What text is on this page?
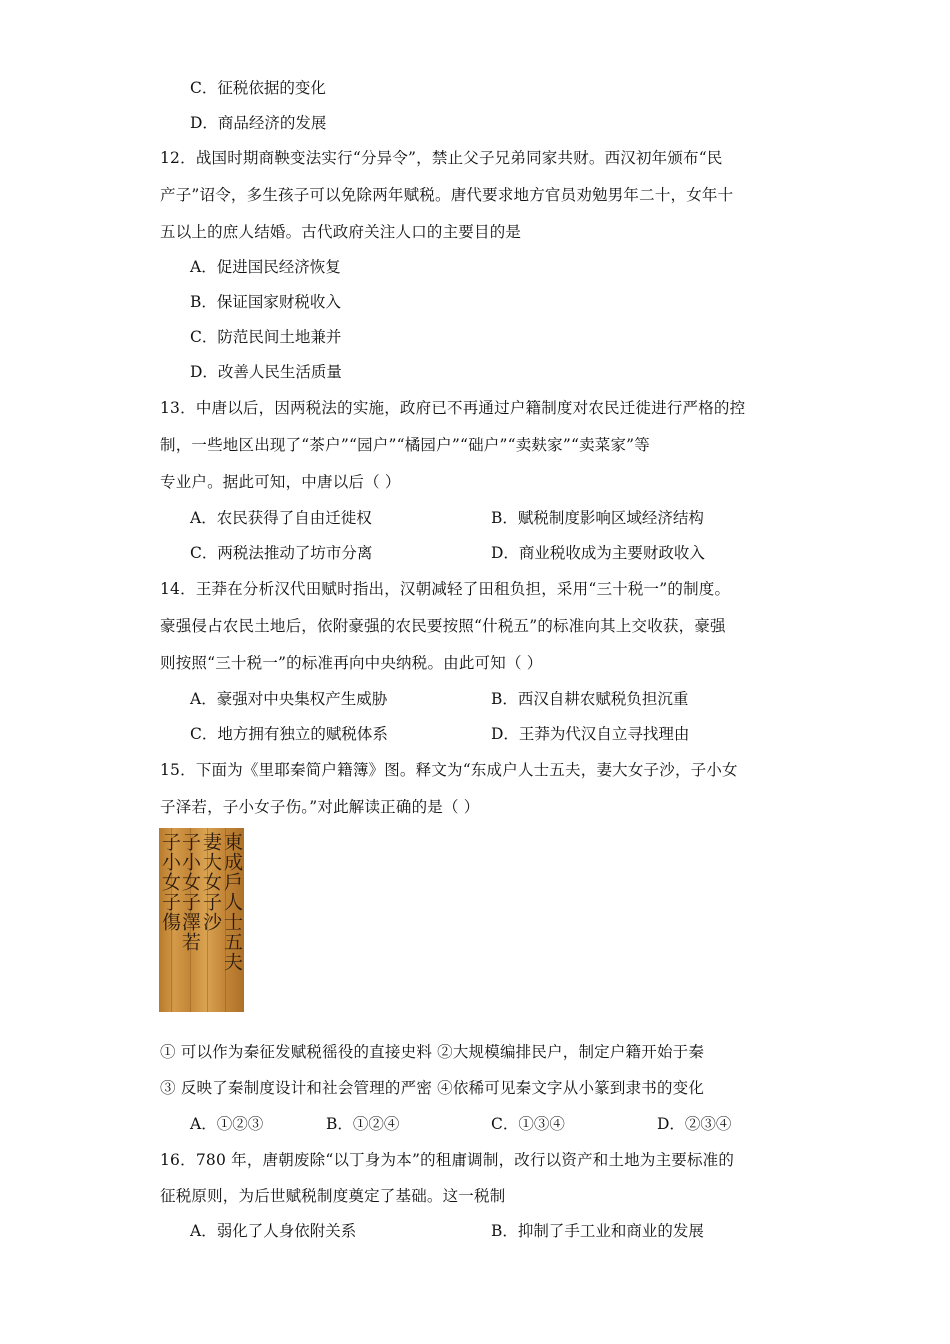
C．征税依据的变化
D．商品经济的发展
12．战国时期商鞅变法实行“分异令”，禁止父子兄弟同家共财。西汉初年颁布“民
产子”诏令，多生孩子可以免除两年赋税。唐代要求地方官员劝勉男年二十，女年十
五以上的庶人结婚。古代政府关注人口的主要目的是
A．促进国民经济恢复
B．保证国家财税收入
C．防范民间土地兼并
D．改善人民生活质量
13．中唐以后，因两税法的实施，政府已不再通过户籍制度对农民迁徙进行严格的控
制，一些地区出现了“茶户”“园户”“橘园户”“础户”“卖麸家”“卖菜家”等
专业户。据此可知，中唐以后（ ）
A．农民获得了自由迁徙权	B．赋税制度影响区域经济结构
C．两税法推动了坊市分离	D．商业税收成为主要财政收入
14．王莽在分析汉代田赋时指出，汉朝减轻了田租负担，采用“三十税一”的制度。
豪强侵占农民土地后，依附豪强的农民要按照“什税五”的标准向其上交收获，豪强
则按照“三十税一”的标准再向中央纳税。由此可知（ ）
A．豪强对中央集权产生威胁	B．西汉自耕农赋税负担沉重
C．地方拥有独立的赋税体系	D．王莽为代汉自立寻找理由
15．下面为《里耶秦简户籍簿》图。释文为“东成户人士五夫，妻大女子沙，子小女
子泽若，子小女子伤。”对此解读正确的是（ ）
東成戶人士五夫
妻大女子沙
子小女子澤若
子小女子傷
① 可以作为秦征发赋税徭役的直接史料 ②大规模编排民户，制定户籍开始于秦
③ 反映了秦制度设计和社会管理的严密 ④依稀可见秦文字从小篆到隶书的变化
A．①②③	B．①②④	C．①③④	D．②③④
16．780 年，唐朝废除“以丁身为本”的租庸调制，改行以资产和土地为主要标准的
征税原则，为后世赋税制度奠定了基础。这一税制
A．弱化了人身依附关系	B．抑制了手工业和商业的发展
